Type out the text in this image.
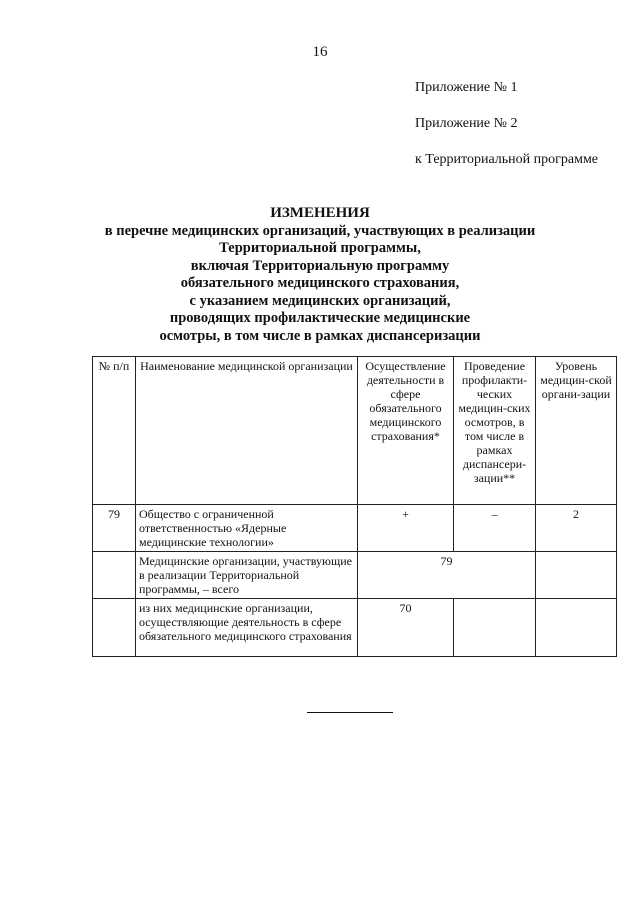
16
Приложение № 1
Приложение № 2
к Территориальной программе
ИЗМЕНЕНИЯ
в перечне медицинских организаций, участвующих в реализации
Территориальной программы,
включая Территориальную программу
обязательного медицинского страхования,
с указанием медицинских организаций,
проводящих профилактические медицинские
осмотры, в том числе в рамках диспансеризации
№ п/п	Наименование медицинской организации	Осуществление деятельности в сфере обязательного медицинского страхования*	Проведение профилакти-ческих медицин-ских осмотров, в том числе в рамках диспансери-зации**	Уровень медицин-ской органи-зации
79	Общество с ограниченной ответственностью «Ядерные медицинские технологии»	+	–	2
	Медицинские организации, участвующие в реализации Территориальной программы, – всего	79		
	из них медицинские организации, осуществляющие деятельность в сфере обязательного медицинского страхования	70		
